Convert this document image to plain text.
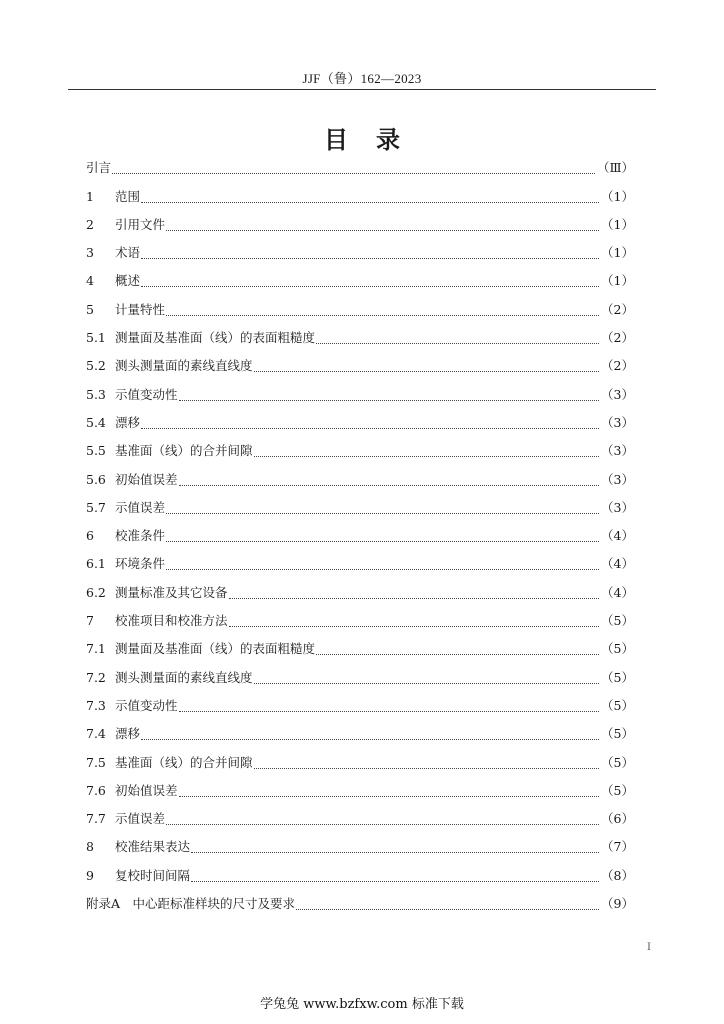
JJF（鲁）162—2023
目录
引言	（Ⅲ）
1	范围	（1）
2	引用文件	（1）
3	术语	（1）
4	概述	（1）
5	计量特性	（2）
5.1 测量面及基准面（线）的表面粗糙度	（2）
5.2 测头测量面的素线直线度	（2）
5.3 示值变动性	（3）
5.4 漂移	（3）
5.5 基准面（线）的合并间隙	（3）
5.6 初始值误差	（3）
5.7 示值误差	（3）
6	校准条件	（4）
6.1 环境条件	（4）
6.2 测量标准及其它设备	（4）
7	校准项目和校准方法	（5）
7.1 测量面及基准面（线）的表面粗糙度	（5）
7.2 测头测量面的素线直线度	（5）
7.3 示值变动性	（5）
7.4 漂移	（5）
7.5 基准面（线）的合并间隙	（5）
7.6 初始值误差	（5）
7.7 示值误差	（6）
8	校准结果表达	（7）
9	复校时间间隔	（8）
附录A　中心距标准样块的尺寸及要求	（9）
Ⅰ
学兔兔 www.bzfxw.com 标准下载
